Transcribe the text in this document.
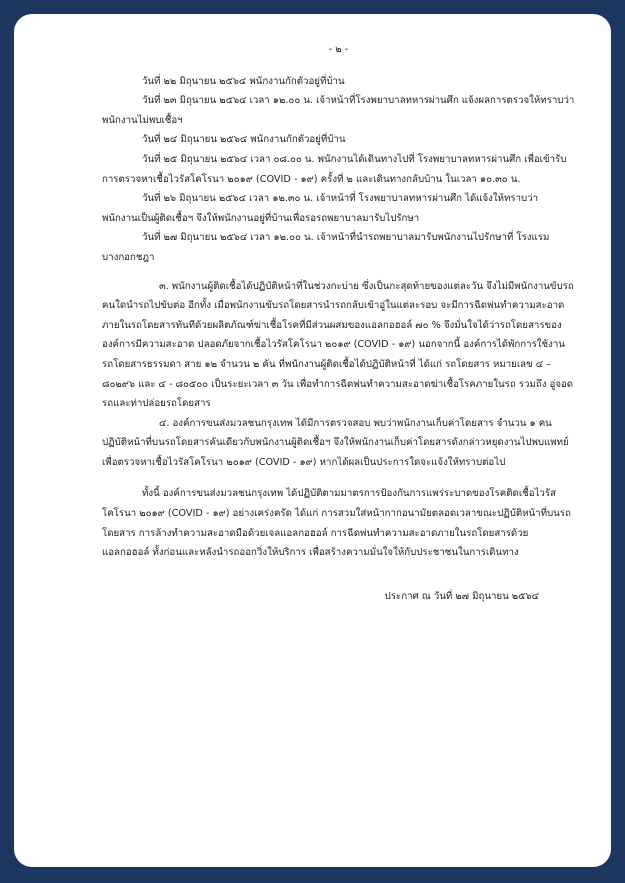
- ๒ -

วันที่ ๒๒ มิถุนายน ๒๕๖๔ พนักงานกักตัวอยู่ที่บ้าน

วันที่ ๒๓ มิถุนายน ๒๕๖๔ เวลา ๑๒.๐๐ น. เจ้าหน้าที่โรงพยาบาลทหารผ่านศึก แจ้งผลการตรวจให้ทราบว่า พนักงานไม่พบเชื้อฯ

วันที่ ๒๔ มิถุนายน ๒๕๖๔ พนักงานกักตัวอยู่ที่บ้าน

วันที่ ๒๕ มิถุนายน ๒๕๖๔ เวลา ๐๘.๐๐ น. พนักงานได้เดินทางไปที่ โรงพยาบาลทหารผ่านศึก เพื่อเข้ารับการตรวจหาเชื้อไวรัสโคโรนา ๒๐๑๙ (COVID - ๑๙) ครั้งที่ ๒ และเดินทางกลับบ้าน ในเวลา ๑๐.๓๐ น.

วันที่ ๒๖ มิถุนายน ๒๕๖๔ เวลา ๑๒.๓๐ น. เจ้าหน้าที่ โรงพยาบาลทหารผ่านศึก ได้แจ้งให้ทราบว่า พนักงานเป็นผู้ติดเชื้อฯ จึงให้พนักงานอยู่ที่บ้านเพื่อรอรถพยาบาลมารับไปรักษา

วันที่ ๒๗ มิถุนายน ๒๕๖๔ เวลา ๑๒.๐๐ น. เจ้าหน้าที่นำรถพยาบาลมารับพนักงานไปรักษาที่ โรงแรมบางกอกชฎา

๓. พนักงานผู้ติดเชื้อได้ปฏิบัติหน้าที่ในช่วงกะบ่าย ซึ่งเป็นกะสุดท้ายของแต่ละวัน จึงไม่มีพนักงานขับรถคนใดนำรถไปขับต่อ อีกทั้ง เมื่อพนักงานขับรถโดยสารนำรถกลับเข้าอู่ในแต่ละรอบ จะมีการฉีดพ่นทำความสะอาดภายในรถโดยสารทันทีด้วยผลิตภัณฑ์ฆ่าเชื้อโรคที่มีส่วนผสมของแอลกอฮอล์ ๗๐ % จึงมั่นใจได้ว่ารถโดยสารขององค์การมีความสะอาด ปลอดภัยจากเชื้อไวรัสโคโรนา ๒๐๑๙ (COVID - ๑๙) นอกจากนี้ องค์การได้พักการใช้งานรถโดยสารธรรมดา สาย ๑๒ จำนวน ๒ คัน ที่พนักงานผู้ติดเชื้อได้ปฏิบัติหน้าที่ ได้แก่ รถโดยสาร หมายเลข ๔ – ๘๐๒๙๖ และ ๔ - ๘๐๕๐๐ เป็นระยะเวลา ๓ วัน เพื่อทำการฉีดพ่นทำความสะอาดฆ่าเชื้อโรคภายในรถ รวมถึง อู่จอดรถและท่าปล่อยรถโดยสาร

๔. องค์การขนส่งมวลชนกรุงเทพ ได้มีการตรวจสอบ พบว่าพนักงานเก็บค่าโดยสาร จำนวน ๑ คน ปฏิบัติหน้าที่บนรถโดยสารคันเดียวกับพนักงานผู้ติดเชื้อฯ จึงให้พนักงานเก็บค่าโดยสารดังกล่าวหยุดงานไปพบแพทย์ เพื่อตรวจหาเชื้อไวรัสโคโรนา ๒๐๑๙ (COVID - ๑๙) หากได้ผลเป็นประการใดจะแจ้งให้ทราบต่อไป

ทั้งนี้ องค์การขนส่งมวลชนกรุงเทพ ได้ปฏิบัติตามมาตรการป้องกันการแพร่ระบาดของโรคติดเชื้อไวรัสโคโรนา ๒๐๑๙ (COVID - ๑๙) อย่างเคร่งครัด ได้แก่ การสวมใส่หน้ากากอนามัยตลอดเวลาขณะปฏิบัติหน้าที่บนรถโดยสาร การล้างทำความสะอาดมือด้วยเจลแอลกอฮอล์ การฉีดพ่นทำความสะอาดภายในรถโดยสารด้วยแอลกอฮอล์ ทั้งก่อนและหลังนำรถออกวิ่งให้บริการ เพื่อสร้างความมั่นใจให้กับประชาชนในการเดินทาง

ประกาศ ณ วันที่ ๒๗ มิถุนายน ๒๕๖๔
